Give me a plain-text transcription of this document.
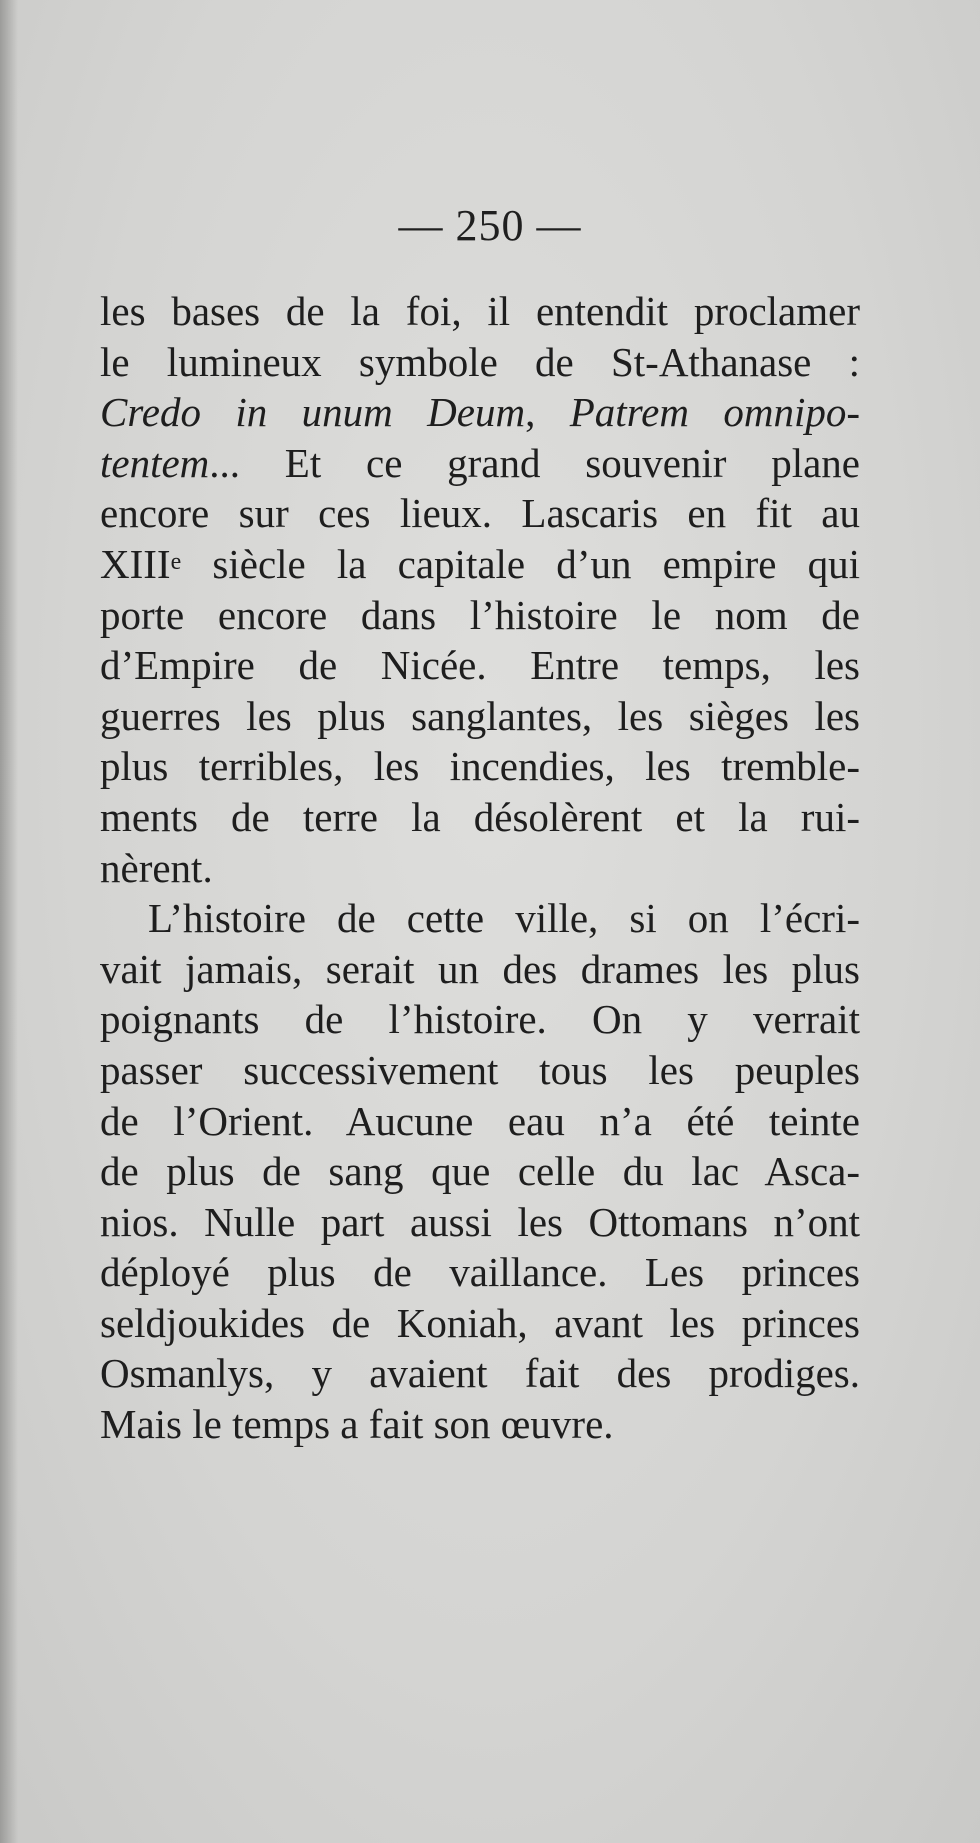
— 250 —
les bases de la foi, il entendit proclamer
le lumineux symbole de St-Athanase :
Credo in unum Deum, Patrem omnipo-
tentem... Et ce grand souvenir plane
encore sur ces lieux. Lascaris en fit au
XIIIe siècle la capitale d’un empire qui
porte encore dans l’histoire le nom de
d’Empire de Nicée. Entre temps, les
guerres les plus sanglantes, les sièges les
plus terribles, les incendies, les tremble-
ments de terre la désolèrent et la rui-
nèrent.
L’histoire de cette ville, si on l’écri-
vait jamais, serait un des drames les plus
poignants de l’histoire. On y verrait
passer successivement tous les peuples
de l’Orient. Aucune eau n’a été teinte
de plus de sang que celle du lac Asca-
nios. Nulle part aussi les Ottomans n’ont
déployé plus de vaillance. Les princes
seldjoukides de Koniah, avant les princes
Osmanlys, y avaient fait des prodiges.
Mais le temps a fait son œuvre.
